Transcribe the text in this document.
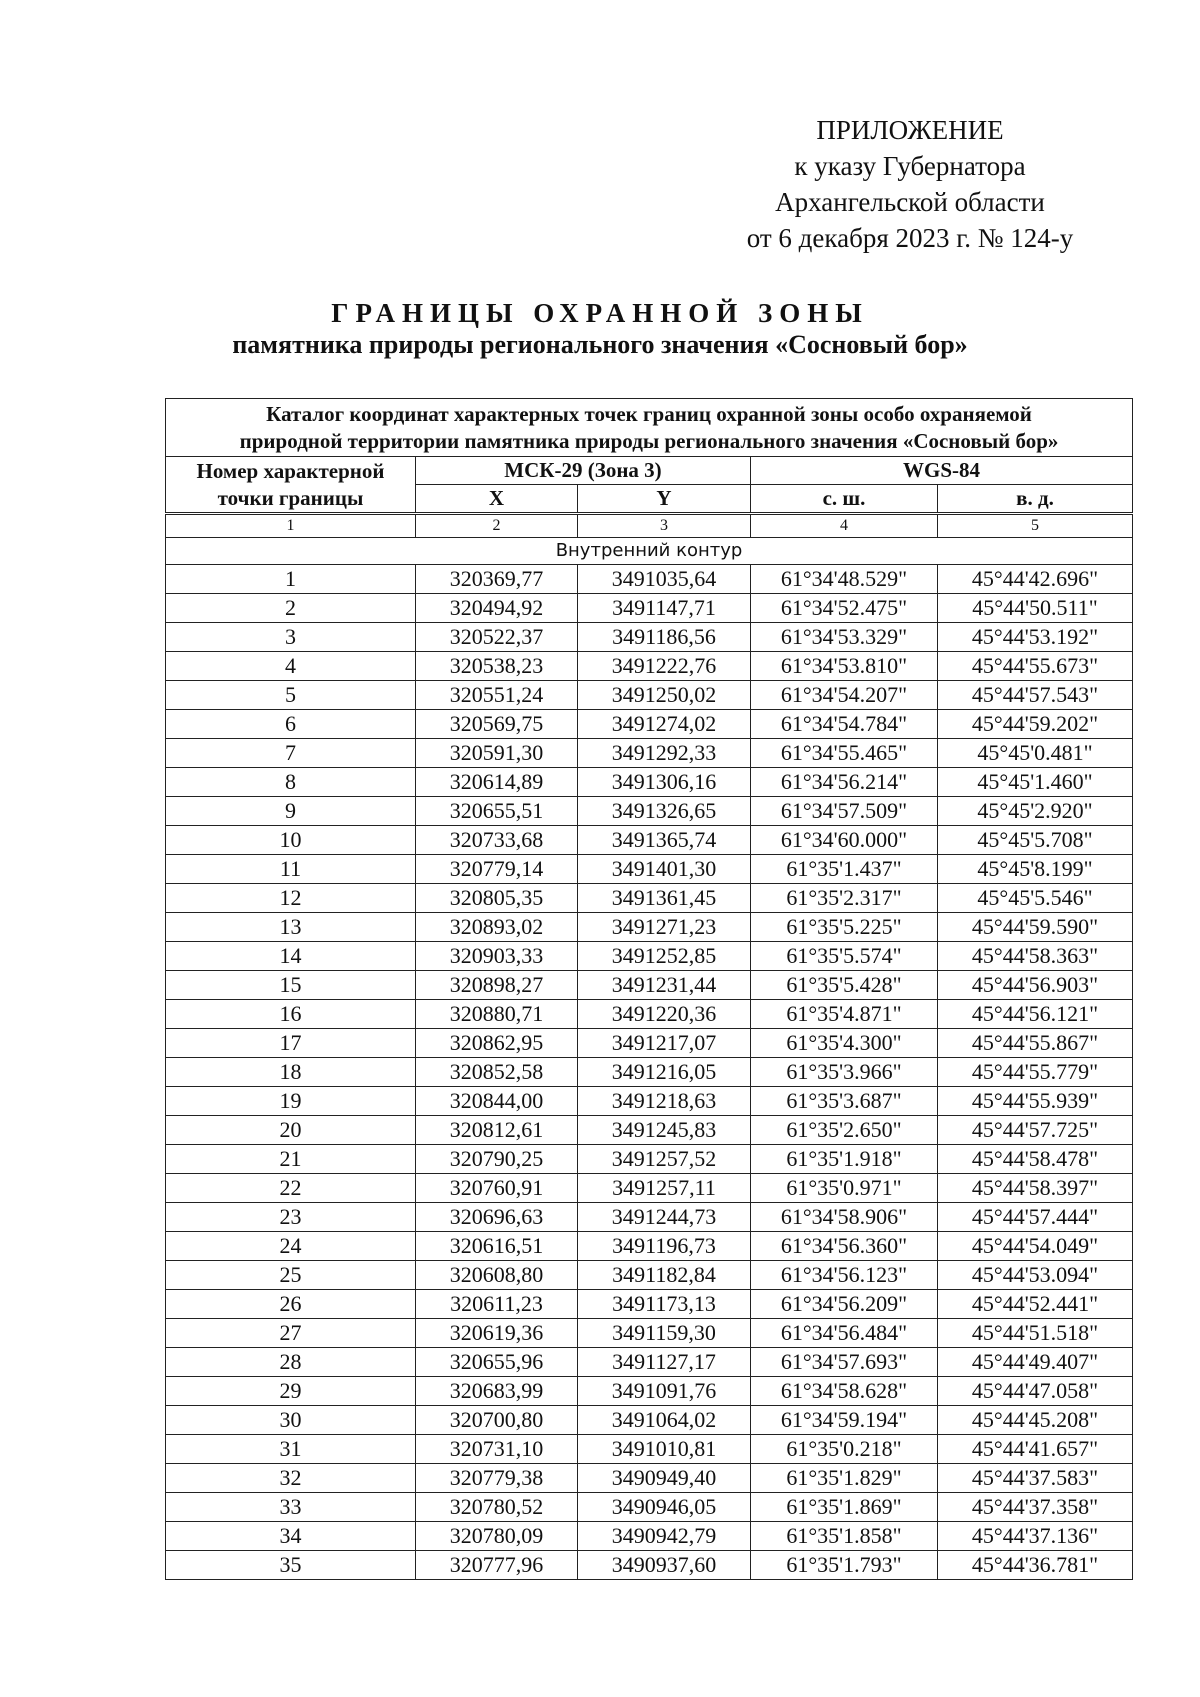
ПРИЛОЖЕНИЕ
к указу Губернатора
Архангельской области
от 6 декабря 2023 г. № 124-у
ГРАНИЦЫ ОХРАННОЙ ЗОНЫ
памятника природы регионального значения «Сосновый бор»
Каталог координат характерных точек границ охранной зоны особо охраняемой
природной территории памятника природы регионального значения «Сосновый бор»				

Номер характерной
точки границы	МСК-29 (Зона 3)		WGS-84	
	X	Y	с. ш.	в. д.
1	2	3	4	5
Внутренний контур				
1	320369,77	3491035,64	61°34'48.529"	45°44'42.696"
2	320494,92	3491147,71	61°34'52.475"	45°44'50.511"
3	320522,37	3491186,56	61°34'53.329"	45°44'53.192"
4	320538,23	3491222,76	61°34'53.810"	45°44'55.673"
5	320551,24	3491250,02	61°34'54.207"	45°44'57.543"
6	320569,75	3491274,02	61°34'54.784"	45°44'59.202"
7	320591,30	3491292,33	61°34'55.465"	45°45'0.481"
8	320614,89	3491306,16	61°34'56.214"	45°45'1.460"
9	320655,51	3491326,65	61°34'57.509"	45°45'2.920"
10	320733,68	3491365,74	61°34'60.000"	45°45'5.708"
11	320779,14	3491401,30	61°35'1.437"	45°45'8.199"
12	320805,35	3491361,45	61°35'2.317"	45°45'5.546"
13	320893,02	3491271,23	61°35'5.225"	45°44'59.590"
14	320903,33	3491252,85	61°35'5.574"	45°44'58.363"
15	320898,27	3491231,44	61°35'5.428"	45°44'56.903"
16	320880,71	3491220,36	61°35'4.871"	45°44'56.121"
17	320862,95	3491217,07	61°35'4.300"	45°44'55.867"
18	320852,58	3491216,05	61°35'3.966"	45°44'55.779"
19	320844,00	3491218,63	61°35'3.687"	45°44'55.939"
20	320812,61	3491245,83	61°35'2.650"	45°44'57.725"
21	320790,25	3491257,52	61°35'1.918"	45°44'58.478"
22	320760,91	3491257,11	61°35'0.971"	45°44'58.397"
23	320696,63	3491244,73	61°34'58.906"	45°44'57.444"
24	320616,51	3491196,73	61°34'56.360"	45°44'54.049"
25	320608,80	3491182,84	61°34'56.123"	45°44'53.094"
26	320611,23	3491173,13	61°34'56.209"	45°44'52.441"
27	320619,36	3491159,30	61°34'56.484"	45°44'51.518"
28	320655,96	3491127,17	61°34'57.693"	45°44'49.407"
29	320683,99	3491091,76	61°34'58.628"	45°44'47.058"
30	320700,80	3491064,02	61°34'59.194"	45°44'45.208"
31	320731,10	3491010,81	61°35'0.218"	45°44'41.657"
32	320779,38	3490949,40	61°35'1.829"	45°44'37.583"
33	320780,52	3490946,05	61°35'1.869"	45°44'37.358"
34	320780,09	3490942,79	61°35'1.858"	45°44'37.136"
35	320777,96	3490937,60	61°35'1.793"	45°44'36.781"
